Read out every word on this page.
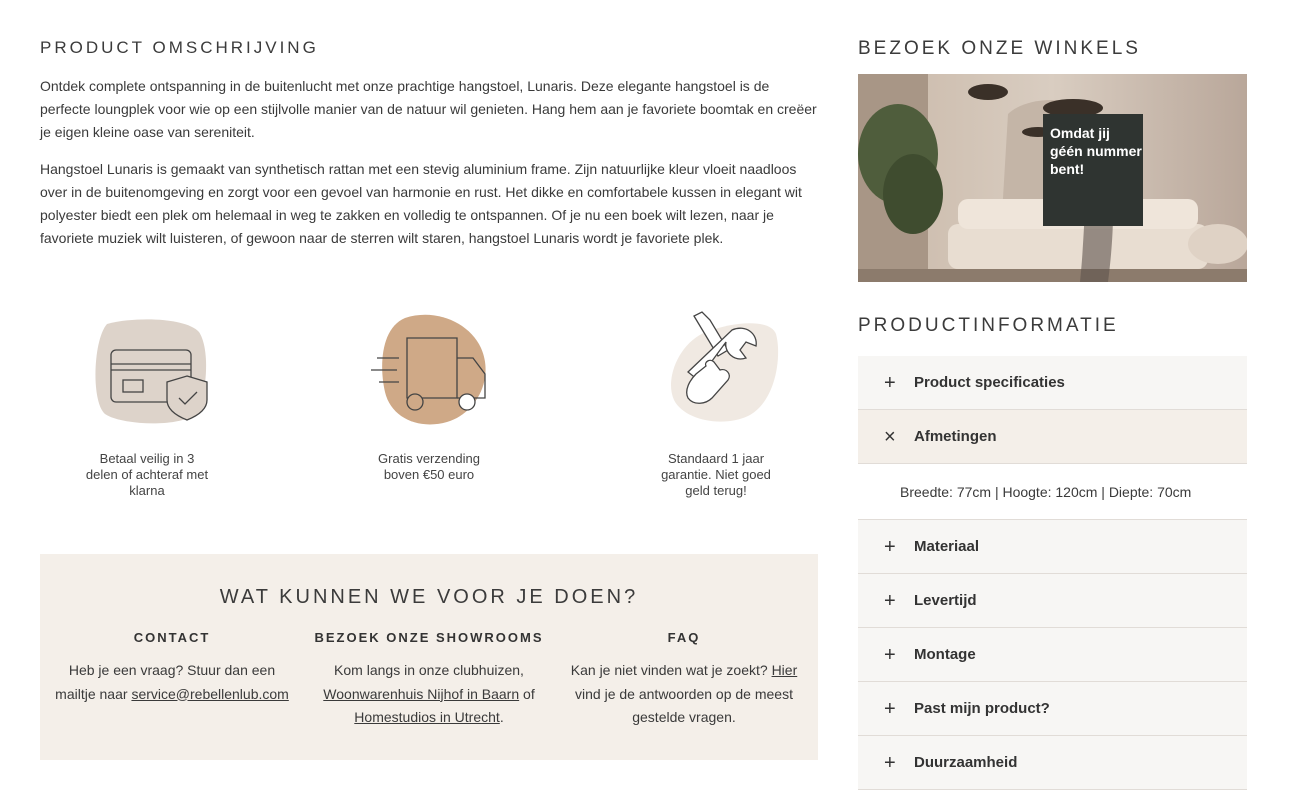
PRODUCT OMSCHRIJVING

Ontdek complete ontspanning in de buitenlucht met onze prachtige hangstoel, Lunaris. Deze elegante hangstoel is de perfecte loungplek voor wie op een stijlvolle manier van de natuur wil genieten. Hang hem aan je favoriete boomtak en creëer je eigen kleine oase van sereniteit.

Hangstoel Lunaris is gemaakt van synthetisch rattan met een stevig aluminium frame. Zijn natuurlijke kleur vloeit naadloos over in de buitenomgeving en zorgt voor een gevoel van harmonie en rust. Het dikke en comfortabele kussen in elegant wit polyester biedt een plek om helemaal in weg te zakken en volledig te ontspannen. Of je nu een boek wilt lezen, naar je favoriete muziek wilt luisteren, of gewoon naar de sterren wilt staren, hangstoel Lunaris wordt je favoriete plek.

Betaal veilig in 3 delen of achteraf met klarna
Gratis verzending boven €50 euro
Standaard 1 jaar garantie. Niet goed geld terug!
WAT KUNNEN WE VOOR JE DOEN?
CONTACT

Heb je een vraag? Stuur dan een mailtje naar service@rebellenlub.com

BEZOEK ONZE SHOWROOMS

Kom langs in onze clubhuizen, Woonwarenhuis Nijhof in Baarn of Homestudios in Utrecht.

FAQ

Kan je niet vinden wat je zoekt? Hier vind je de antwoorden op de meest gestelde vragen.

BEZOEK ONZE WINKELS
Omdat jij
géén nummer
bent!
PRODUCTINFORMATIE
+ Product specificaties
× Afmetingen
Breedte: 77cm | Hoogte: 120cm | Diepte: 70cm
+ Materiaal
+ Levertijd
+ Montage
+ Past mijn product?
+ Duurzaamheid
